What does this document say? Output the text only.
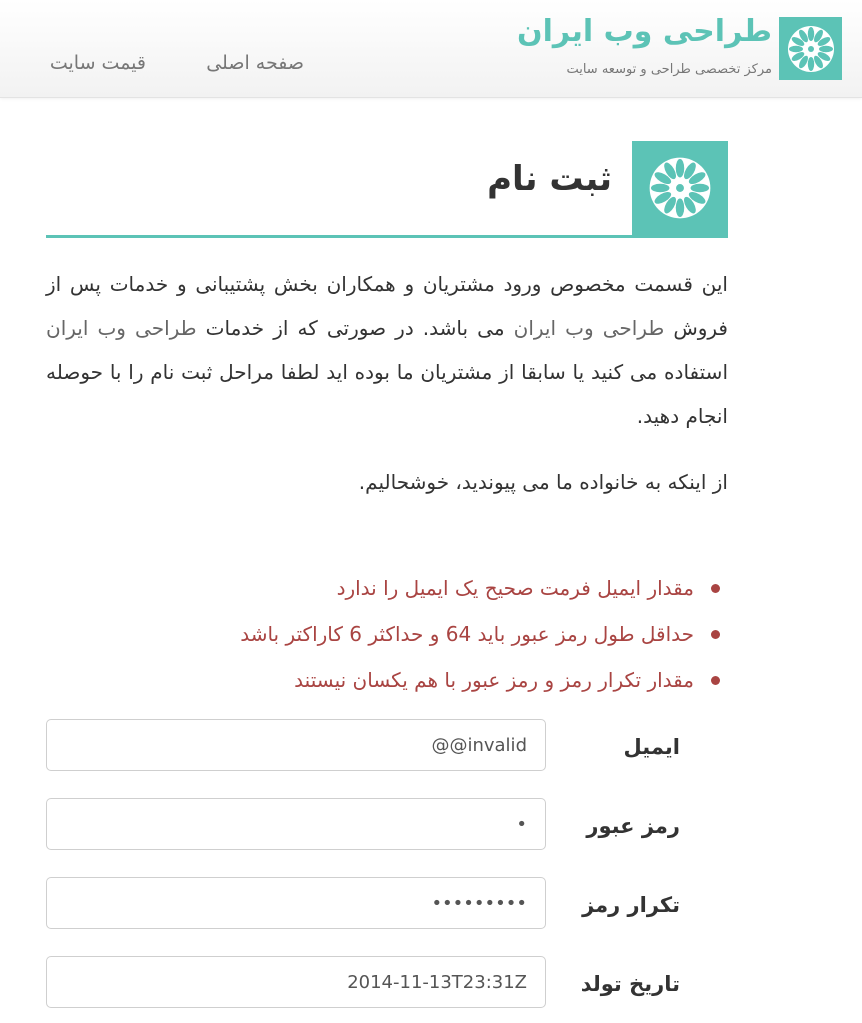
طراحی وب ایران
مرکز تخصصی طراحی و توسعه سایت
صفحه اصلی
قیمت سایت
ثبت نام

این قسمت مخصوص ورود مشتریان و همکاران بخش پشتیبانی و خدمات پس از فروش طراحی وب ایران می باشد. در صورتی که از خدمات طراحی وب ایران استفاده می کنید یا سابقا از مشتریان ما بوده اید لطفا مراحل ثبت نام را با حوصله انجام دهید.

از اینکه به خانواده ما می پیوندید، خوشحالیم.

مقدار ایمیل فرمت صحیح یک ایمیل را ندارد
حداقل طول رمز عبور باید 64 و حداکثر 6 کاراکتر باشد
مقدار تکرار رمز و رمز عبور با هم یکسان نیستند
@@invalid
ایمیل
رمز عبور
تکرار رمز
2014-11-13T23:31Z
تاریخ تولد
